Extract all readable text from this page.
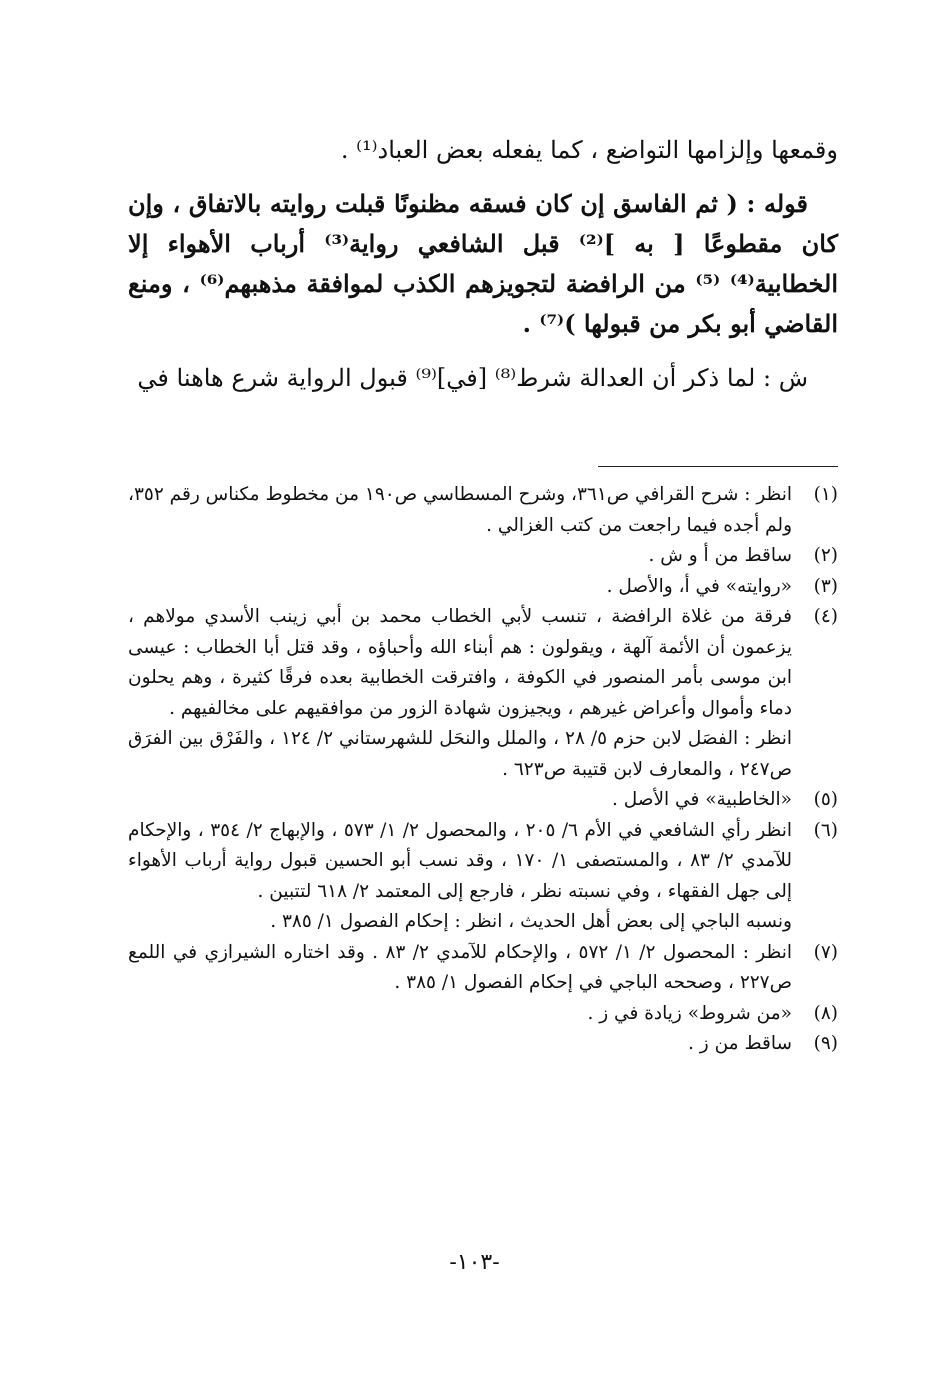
وقمعها وإلزامها التواضع ، كما يفعله بعض العباد⁽¹⁾ .

قوله : ( ثم الفاسق إن كان فسقه مظنونًا قبلت روايته بالاتفاق ، وإن كان مقطوعًا [ به ]⁽²⁾ قبل الشافعي رواية⁽³⁾ أرباب الأهواء إلا الخطابية⁽⁴⁾ ⁽⁵⁾ من الرافضة لتجويزهم الكذب لموافقة مذهبهم⁽⁶⁾ ، ومنع القاضي أبو بكر من قبولها )⁽⁷⁾ .

ش : لما ذكر أن العدالة شرط⁽⁸⁾ [في]⁽⁹⁾ قبول الرواية شرع هاهنا في

(١)
انظر : شرح القرافي ص٣٦١، وشرح المسطاسي ص١٩٠ من مخطوط مكناس رقم ٣٥٢، ولم أجده فيما راجعت من كتب الغزالي .
(٢)
ساقط من أ و ش .
(٣)
«روايته» في أ، والأصل .
(٤)
فرقة من غلاة الرافضة ، تنسب لأبي الخطاب محمد بن أبي زينب الأسدي مولاهم ، يزعمون أن الأئمة آلهة ، ويقولون : هم أبناء الله وأحباؤه ، وقد قتل أبا الخطاب : عيسى ابن موسى بأمر المنصور في الكوفة ، وافترقت الخطابية بعده فرقًا كثيرة ، وهم يحلون دماء وأموال وأعراض غيرهم ، ويجيزون شهادة الزور من موافقيهم على مخالفيهم .
انظر : الفصَل لابن حزم ٥/ ٢٨ ، والملل والنحَل للشهرستاني ٢/ ١٢٤ ، والفَرْق بين الفرَق ص٢٤٧ ، والمعارف لابن قتيبة ص٦٢٣ .
(٥)
«الخاطبية» في الأصل .
(٦)
انظر رأي الشافعي في الأم ٦/ ٢٠٥ ، والمحصول ٢/ ١/ ٥٧٣ ، والإبهاج ٢/ ٣٥٤ ، والإحكام للآمدي ٢/ ٨٣ ، والمستصفى ١/ ١٧٠ ، وقد نسب أبو الحسين قبول رواية أرباب الأهواء إلى جهل الفقهاء ، وفي نسبته نظر ، فارجع إلى المعتمد ٢/ ٦١٨ لتتبين .
ونسبه الباجي إلى بعض أهل الحديث ، انظر : إحكام الفصول ١/ ٣٨٥ .
(٧)
انظر : المحصول ٢/ ١/ ٥٧٢ ، والإحكام للآمدي ٢/ ٨٣ . وقد اختاره الشيرازي في اللمع ص٢٢٧ ، وصححه الباجي في إحكام الفصول ١/ ٣٨٥ .
(٨)
«من شروط» زيادة في ز .
(٩)
ساقط من ز .
-١٠٣-
